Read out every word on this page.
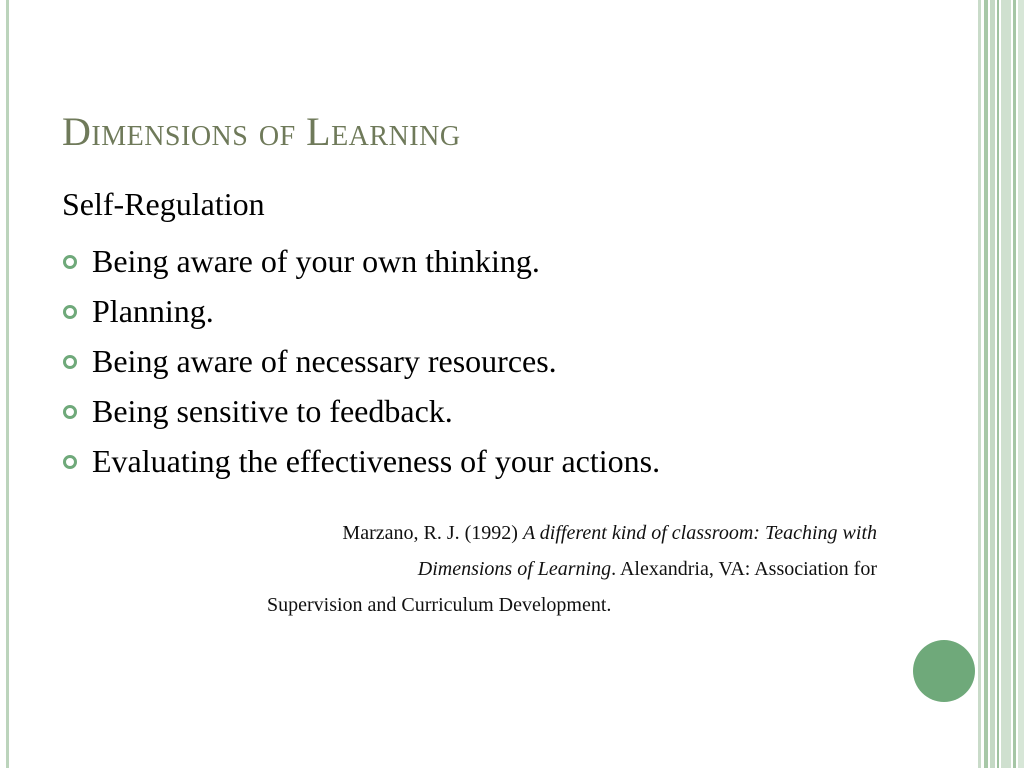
Dimensions of Learning
Self-Regulation
Being aware of your own thinking.
Planning.
Being aware of necessary resources.
Being sensitive to feedback.
Evaluating the effectiveness of your actions.
Marzano, R. J. (1992) A different kind of classroom: Teaching with
Dimensions of Learning. Alexandria, VA: Association for
Supervision and Curriculum Development.
